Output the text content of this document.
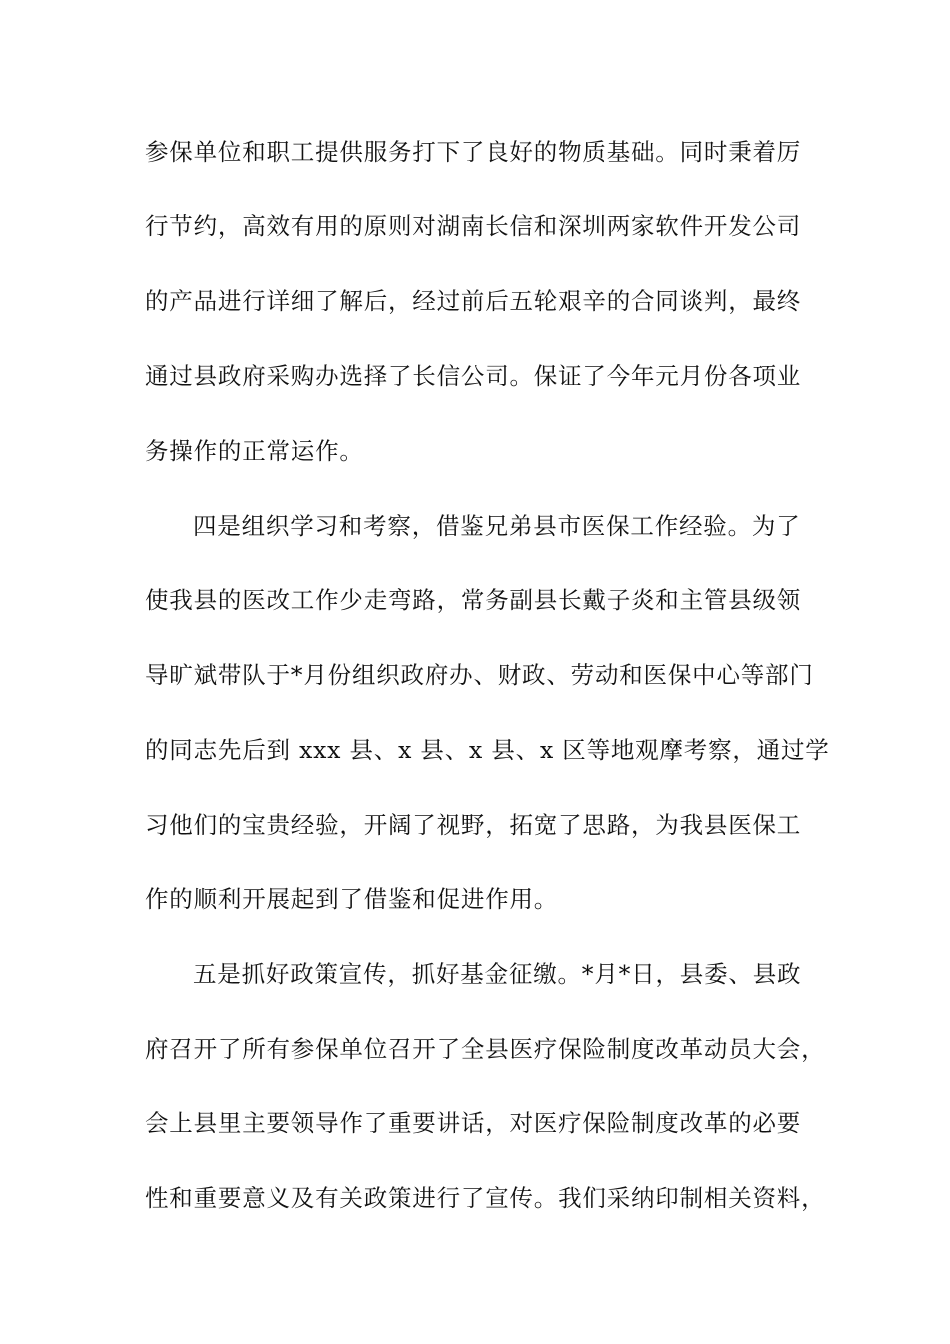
参保单位和职工提供服务打下了良好的物质基础。同时秉着厉
行节约，高效有用的原则对湖南长信和深圳两家软件开发公司
的产品进行详细了解后，经过前后五轮艰辛的合同谈判，最终
通过县政府采购办选择了长信公司。保证了今年元月份各项业
务操作的正常运作。
四是组织学习和考察，借鉴兄弟县市医保工作经验。为了
使我县的医改工作少走弯路，常务副县长戴子炎和主管县级领
导旷斌带队于*月份组织政府办、财政、劳动和医保中心等部门
的同志先后到 xxx 县、x 县、x 县、x 区等地观摩考察，通过学
习他们的宝贵经验，开阔了视野，拓宽了思路，为我县医保工
作的顺利开展起到了借鉴和促进作用。
五是抓好政策宣传，抓好基金征缴。*月*日，县委、县政
府召开了所有参保单位召开了全县医疗保险制度改革动员大会，
会上县里主要领导作了重要讲话，对医疗保险制度改革的必要
性和重要意义及有关政策进行了宣传。我们采纳印制相关资料，
